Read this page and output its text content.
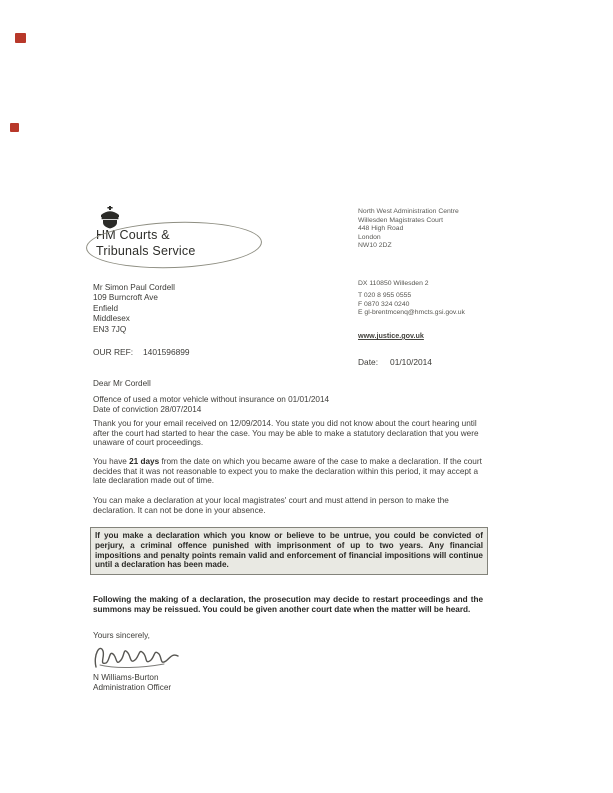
HM Courts &
Tribunals Service
North West Administration Centre
Willesden Magistrates Court
448 High Road
London
NW10 2DZ
DX 110850 Willesden 2
T 020 8 955 0555
F 0870 324 0240
E gl-brentmcenq@hmcts.gsi.gov.uk
www.justice.gov.uk
Mr Simon Paul Cordell
109 Burncroft Ave
Enfield
Middlesex
EN3 7JQ
OUR REF: 1401596899
Date: 01/10/2014
Dear Mr Cordell
Offence of used a motor vehicle without insurance on 01/01/2014
Date of conviction 28/07/2014
Thank you for your email received on 12/09/2014. You state you did not know about the court hearing until after the court had started to hear the case. You may be able to make a statutory declaration that you were unaware of court proceedings.
You have 21 days from the date on which you became aware of the case to make a declaration. If the court decides that it was not reasonable to expect you to make the declaration within this period, it may accept a late declaration made out of time.
You can make a declaration at your local magistrates' court and must attend in person to make the declaration. It can not be done in your absence.
If you make a declaration which you know or believe to be untrue, you could be convicted of perjury, a criminal offence punished with imprisonment of up to two years. Any financial impositions and penalty points remain valid and enforcement of financial impositions will continue until a declaration has been made.
Following the making of a declaration, the prosecution may decide to restart proceedings and the summons may be reissued. You could be given another court date when the matter will be heard.
Yours sincerely,
N Williams-Burton
Administration Officer
